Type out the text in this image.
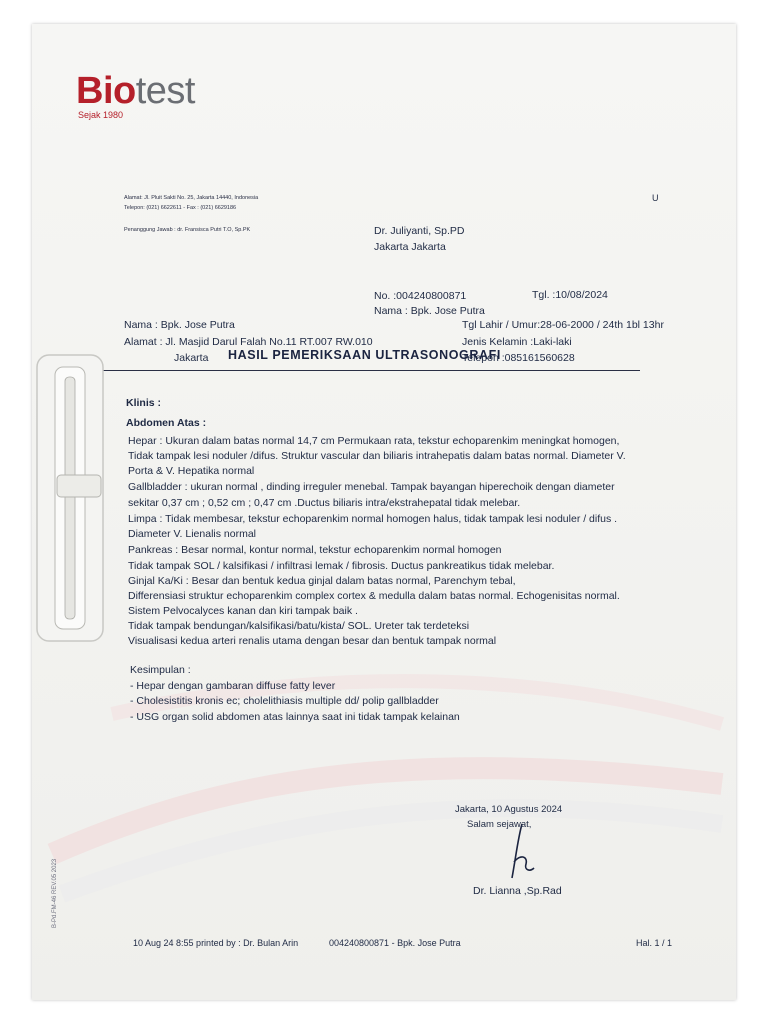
Biotest
Sejak 1980
Alamat: Jl. Pluit Sakti No. 25, Jakarta 14440, Indonesia
Telepon: (021) 6622611 - Fax : (021) 6629186
Penanggung Jawab : dr. Fransisca Putri T.O, Sp.PK
U
Dr. Juliyanti, Sp.PD
Jakarta Jakarta
No. :004240800871	Tgl. :10/08/2024
Nama : Bpk. Jose Putra
Nama : Bpk. Jose Putra
Alamat : Jl. Masjid Darul Falah No.11 RT.007 RW.010
Jakarta
Tgl Lahir / Umur:28-06-2000 / 24th 1bl 13hr
Jenis Kelamin :Laki-laki
Telepon :085161560628
HASIL PEMERIKSAAN ULTRASONOGRAFI
Klinis :
Abdomen Atas :
Hepar : Ukuran dalam batas normal 14,7 cm Permukaan rata, tekstur echoparenkim meningkat homogen,
Tidak tampak lesi noduler /difus. Struktur vascular dan biliaris intrahepatis dalam batas normal. Diameter V.
Porta & V. Hepatika normal
Gallbladder : ukuran normal , dinding irreguler menebal. Tampak bayangan hiperechoik dengan diameter
sekitar 0,37 cm ; 0,52 cm ; 0,47 cm .Ductus biliaris intra/ekstrahepatal tidak melebar.
Limpa : Tidak membesar, tekstur echoparenkim normal homogen halus, tidak tampak lesi noduler / difus .
Diameter V. Lienalis normal
Pankreas : Besar normal, kontur normal, tekstur echoparenkim normal homogen
Tidak tampak SOL / kalsifikasi / infiltrasi lemak / fibrosis. Ductus pankreatikus tidak melebar.
Ginjal Ka/Ki : Besar dan bentuk kedua ginjal dalam batas normal, Parenchym tebal,
Differensiasi struktur echoparenkim complex cortex & medulla dalam batas normal. Echogenisitas normal.
Sistem Pelvocalyces kanan dan kiri tampak baik .
Tidak tampak bendungan/kalsifikasi/batu/kista/ SOL. Ureter tak terdeteksi
Visualisasi kedua arteri renalis utama dengan besar dan bentuk tampak normal
Kesimpulan :
- Hepar dengan gambaran diffuse fatty lever
- Cholesistitis kronis ec; cholelithiasis multiple dd/ polip gallbladder
- USG organ solid abdomen atas lainnya saat ini tidak tampak kelainan
Jakarta, 10 Agustus 2024
Salam sejawat,
Dr. Lianna ,Sp.Rad
10 Aug 24 8:55 printed by : Dr. Bulan Arin	004240800871 - Bpk. Jose Putra	Hal. 1 / 1
B-Pd.FM-46 REV.05 2023
